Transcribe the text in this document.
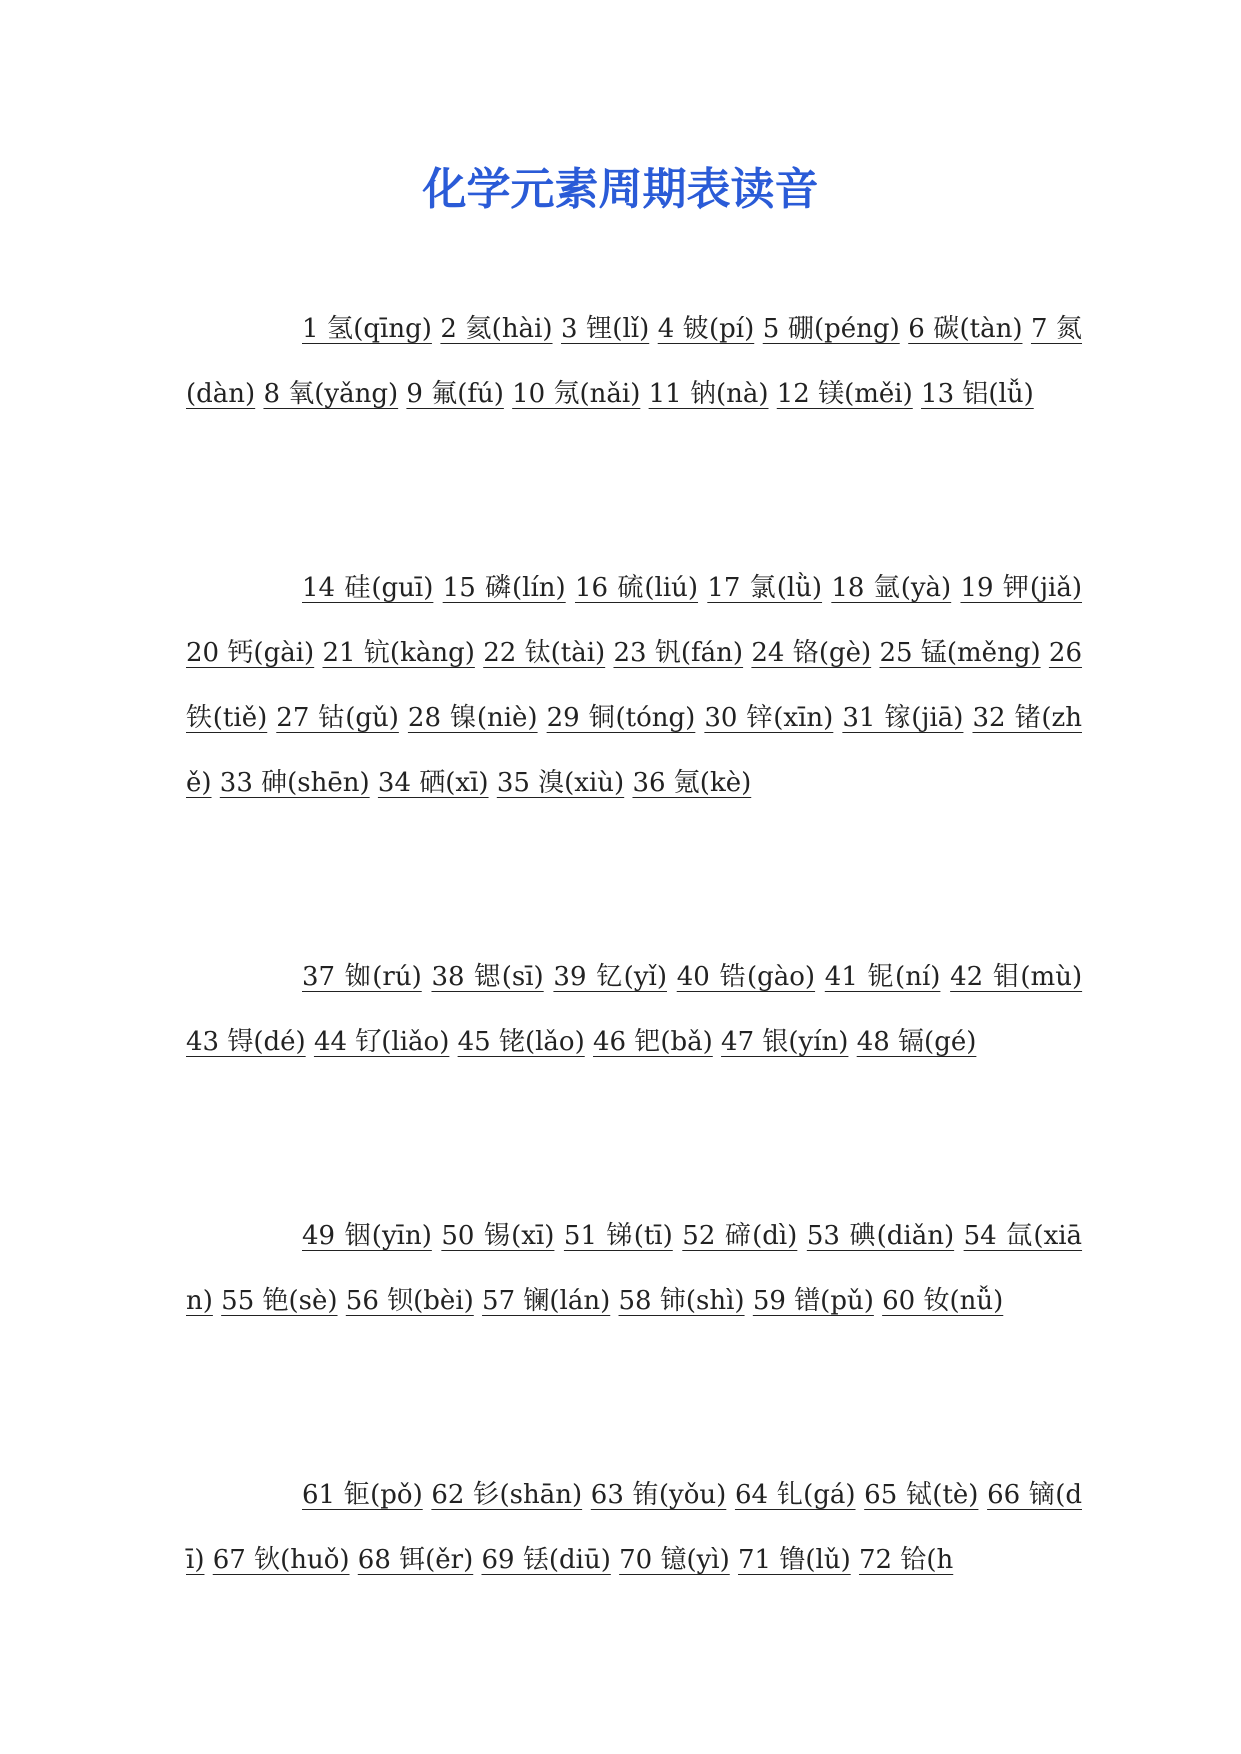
化学元素周期表读音

1 氢(qīng) 2 氦(hài) 3 锂(lǐ) 4 铍(pí) 5 硼(péng) 6 碳(tàn) 7 氮(dàn) 8 氧(yǎng) 9 氟(fú) 10 氖(nǎi) 11 钠(nà) 12 镁(měi) 13 铝(lǚ)

14 硅(guī) 15 磷(lín) 16 硫(liú) 17 氯(lǜ) 18 氩(yà) 19 钾(jiǎ) 20 钙(gài) 21 钪(kàng) 22 钛(tài) 23 钒(fán) 24 铬(gè) 25 锰(měng) 26 铁(tiě) 27 钴(gǔ) 28 镍(niè) 29 铜(tóng) 30 锌(xīn) 31 镓(jiā) 32 锗(zhě) 33 砷(shēn) 34 硒(xī) 35 溴(xiù) 36 氪(kè)

37 铷(rú) 38 锶(sī) 39 钇(yǐ) 40 锆(gào) 41 铌(ní) 42 钼(mù) 43 锝(dé) 44 钌(liǎo) 45 铑(lǎo) 46 钯(bǎ) 47 银(yín) 48 镉(gé)

49 铟(yīn) 50 锡(xī) 51 锑(tī) 52 碲(dì) 53 碘(diǎn) 54 氙(xiān) 55 铯(sè) 56 钡(bèi) 57 镧(lán) 58 铈(shì) 59 镨(pǔ) 60 钕(nǚ)

61 钷(pǒ) 62 钐(shān) 63 铕(yǒu) 64 钆(gá) 65 铽(tè) 66 镝(dī) 67 钬(huǒ) 68 铒(ěr) 69 铥(diū) 70 镱(yì) 71 镥(lǔ) 72 铪(h
